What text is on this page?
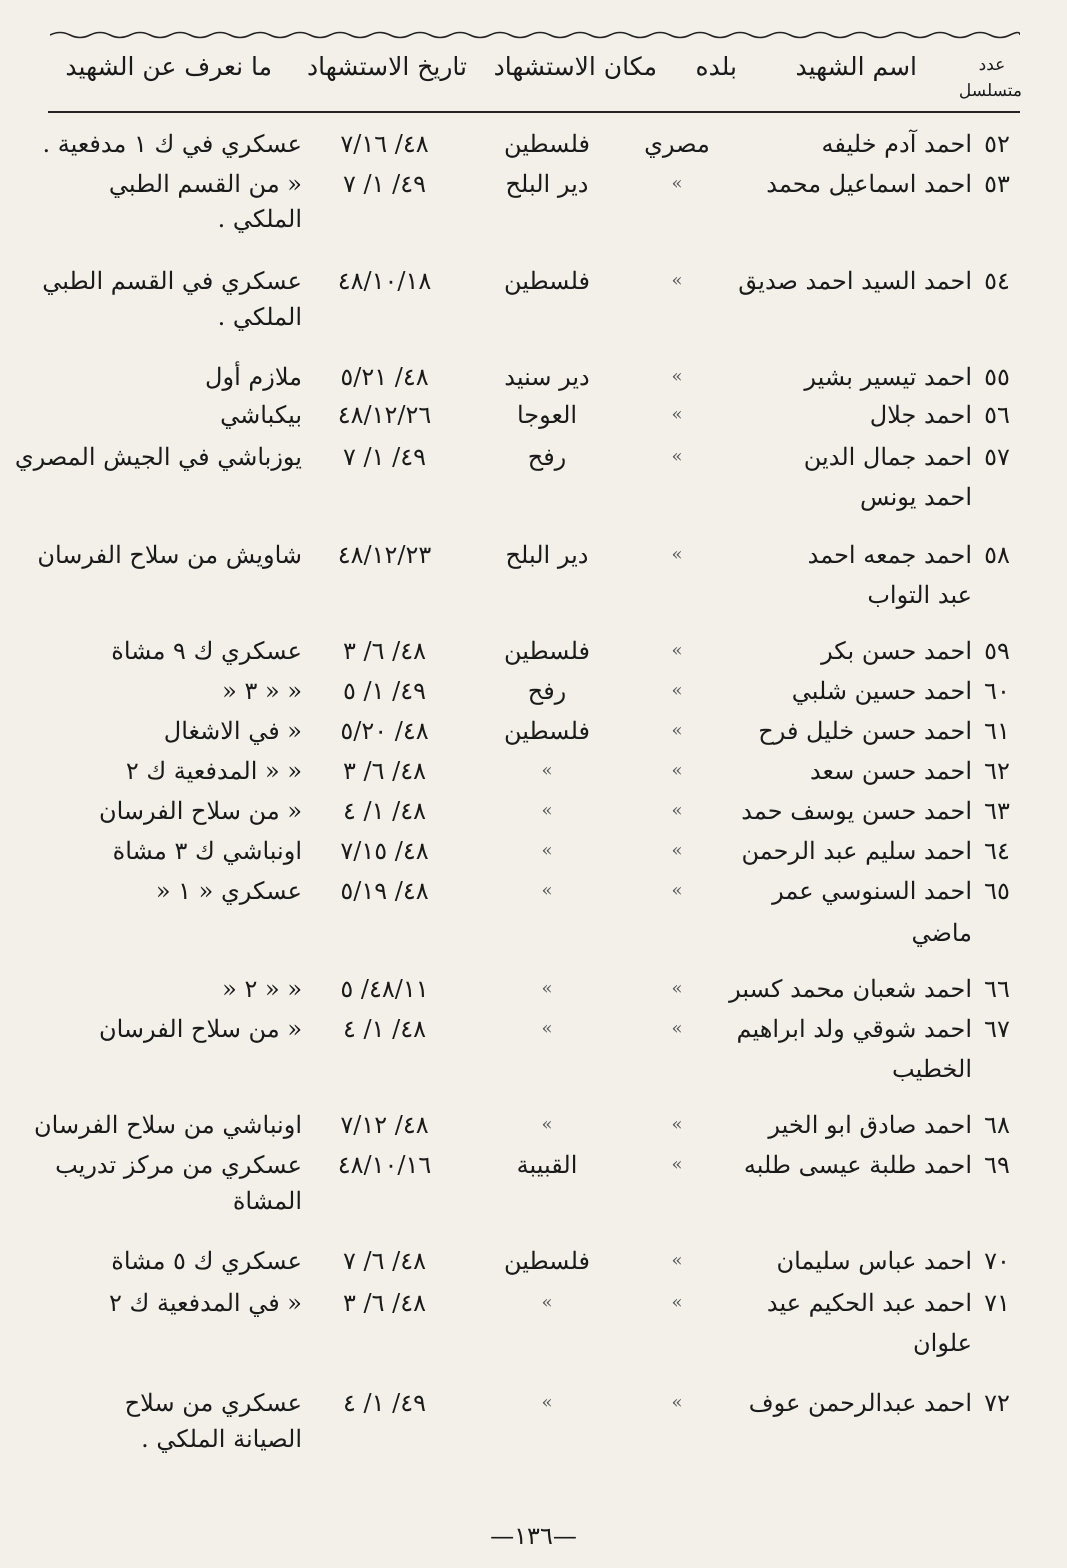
عدد متسلسل
اسم الشهيد
بلده
مكان الاستشهاد
تاريخ الاستشهاد
ما نعرف عن الشهيد
٥٢
احمد آدم خليفه
مصري
فلسطين
٤٨/ ٧/١٦
عسكري في ك ١ مدفعية .
٥٣
احمد اسماعيل محمد
»
دير البلح
٤٩/ ١/ ٧
« من القسم الطبي
الملكي .
٥٤
احمد السيد احمد صديق
»
فلسطين
٤٨/١٠/١٨
عسكري في القسم الطبي
الملكي .
٥٥
احمد تيسير بشير
»
دير سنيد
٤٨/ ٥/٢١
ملازم أول
٥٦
احمد جلال
»
العوجا
٤٨/١٢/٢٦
بيكباشي
٥٧
احمد جمال الدين
»
رفح
٤٩/ ١/ ٧
يوزباشي في الجيش المصري
احمد يونس
٥٨
احمد جمعه احمد
»
دير البلح
٤٨/١٢/٢٣
شاويش من سلاح الفرسان
عبد التواب
٥٩
احمد حسن بكر
»
فلسطين
٤٨/ ٦/ ٣
عسكري ك ٩ مشاة
٦٠
احمد حسين شلبي
»
رفح
٤٩/ ١/ ٥
« « ٣ «
٦١
احمد حسن خليل فرح
»
فلسطين
٤٨/ ٥/٢٠
« في الاشغال
٦٢
احمد حسن سعد
»
»
٤٨/ ٦/ ٣
« « المدفعية ك ٢
٦٣
احمد حسن يوسف حمد
»
»
٤٨/ ١/ ٤
« من سلاح الفرسان
٦٤
احمد سليم عبد الرحمن
»
»
٤٨/ ٧/١٥
اونباشي ك ٣ مشاة
٦٥
احمد السنوسي عمر
»
»
٤٨/ ٥/١٩
عسكري « ١ «
ماضي
٦٦
احمد شعبان محمد كسبر
»
»
٤٨/١١/ ٥
« « ٢ «
٦٧
احمد شوقي ولد ابراهيم
»
»
٤٨/ ١/ ٤
« من سلاح الفرسان
الخطيب
٦٨
احمد صادق ابو الخير
»
»
٤٨/ ٧/١٢
اونباشي من سلاح الفرسان
٦٩
احمد طلبة عيسى طلبه
»
القبيبة
٤٨/١٠/١٦
عسكري من مركز تدريب
المشاة
٧٠
احمد عباس سليمان
»
فلسطين
٤٨/ ٦/ ٧
عسكري ك ٥ مشاة
٧١
احمد عبد الحكيم عيد
»
»
٤٨/ ٦/ ٣
« في المدفعية ك ٢
علوان
٧٢
احمد عبدالرحمن عوف
»
»
٤٩/ ١/ ٤
عسكري من سلاح
الصيانة الملكي .
—١٣٦—
